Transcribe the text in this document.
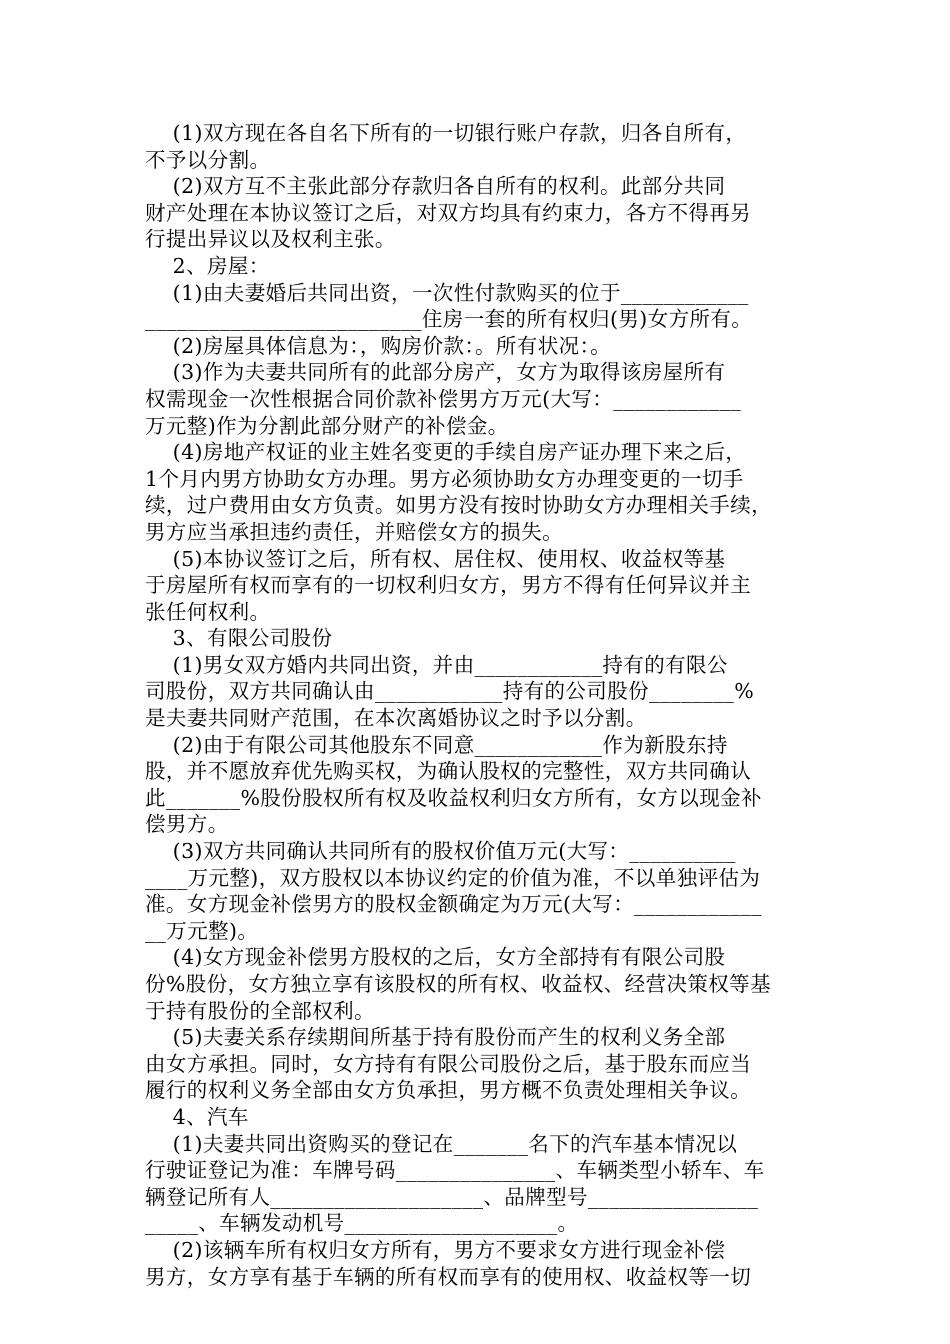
(1)双方现在各自名下所有的一切银行账户存款，归各自所有，
不予以分割。
(2)双方互不主张此部分存款归各自所有的权利。此部分共同
财产处理在本协议签订之后，对双方均具有约束力，各方不得再另
行提出异议以及权利主张。
2、房屋：
(1)由夫妻婚后共同出资，一次性付款购买的位于____________
__________________________住房一套的所有权归(男)女方所有。
(2)房屋具体信息为：，购房价款：。所有状况：。
(3)作为夫妻共同所有的此部分房产，女方为取得该房屋所有
权需现金一次性根据合同价款补偿男方万元(大写：____________
万元整)作为分割此部分财产的补偿金。
(4)房地产权证的业主姓名变更的手续自房产证办理下来之后，
1个月内男方协助女方办理。男方必须协助女方办理变更的一切手
续，过户费用由女方负责。如男方没有按时协助女方办理相关手续，
男方应当承担违约责任，并赔偿女方的损失。
(5)本协议签订之后，所有权、居住权、使用权、收益权等基
于房屋所有权而享有的一切权利归女方，男方不得有任何异议并主
张任何权利。
3、有限公司股份
(1)男女双方婚内共同出资，并由____________持有的有限公
司股份，双方共同确认由____________持有的公司股份________%
是夫妻共同财产范围，在本次离婚协议之时予以分割。
(2)由于有限公司其他股东不同意____________作为新股东持
股，并不愿放弃优先购买权，为确认股权的完整性，双方共同确认
此_______%股份股权所有权及收益权利归女方所有，女方以现金补
偿男方。
(3)双方共同确认共同所有的股权价值万元(大写：__________
____万元整)，双方股权以本协议约定的价值为准，不以单独评估为
准。女方现金补偿男方的股权金额确定为万元(大写：____________
__万元整)。
(4)女方现金补偿男方股权的之后，女方全部持有有限公司股
份%股份，女方独立享有该股权的所有权、收益权、经营决策权等基
于持有股份的全部权利。
(5)夫妻关系存续期间所基于持有股份而产生的权利义务全部
由女方承担。同时，女方持有有限公司股份之后，基于股东而应当
履行的权利义务全部由女方负承担，男方概不负责处理相关争议。
4、汽车
(1)夫妻共同出资购买的登记在_______名下的汽车基本情况以
行驶证登记为准：车牌号码_______________、车辆类型小轿车、车
辆登记所有人____________________、品牌型号________________
_____、车辆发动机号____________________。
(2)该辆车所有权归女方所有，男方不要求女方进行现金补偿
男方，女方享有基于车辆的所有权而享有的使用权、收益权等一切
